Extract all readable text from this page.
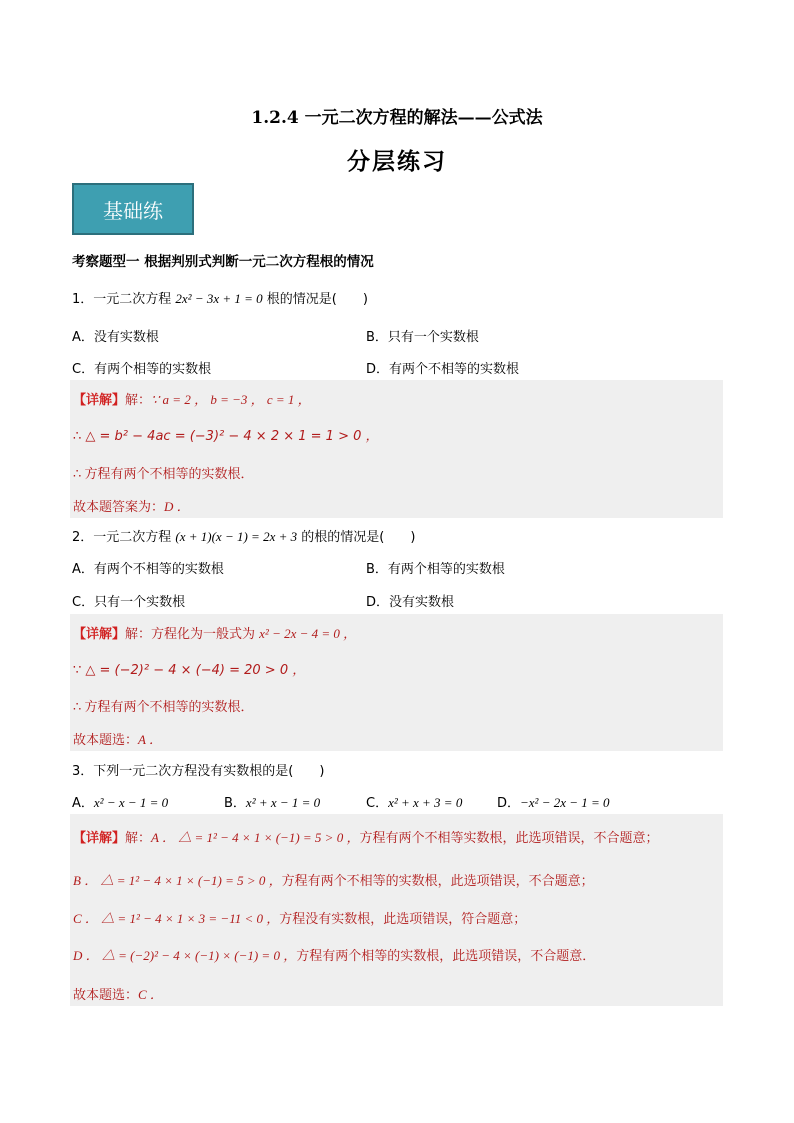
1.2.4 一元二次方程的解法——公式法
分层练习
基础练
考察题型一 根据判别式判断一元二次方程根的情况
1．一元二次方程 2x² − 3x + 1 = 0 根的情况是(　　)
A．没有实数根	B．只有一个实数根
C．有两个相等的实数根	D．有两个不相等的实数根
【详解】解：∵ a = 2 ， b = −3 ， c = 1 ，
∴ △ = b² − 4ac = (−3)² − 4 × 2 × 1 = 1 > 0 ，
∴ 方程有两个不相等的实数根．
故本题答案为：D ．
2．一元二次方程 (x + 1)(x − 1) = 2x + 3 的根的情况是(　　)
A．有两个不相等的实数根	B．有两个相等的实数根
C．只有一个实数根	D．没有实数根
【详解】解：方程化为一般式为 x² − 2x − 4 = 0 ，
∵ △ = (−2)² − 4 × (−4) = 20 > 0 ，
∴ 方程有两个不相等的实数根．
故本题选：A ．
3．下列一元二次方程没有实数根的是(　　)
A．x² − x − 1 = 0	B．x² + x − 1 = 0	C．x² + x + 3 = 0	D．−x² − 2x − 1 = 0
【详解】解：A ． △ = 1² − 4 × 1 × (−1) = 5 > 0 ，方程有两个不相等实数根，此选项错误，不合题意；
B ． △ = 1² − 4 × 1 × (−1) = 5 > 0 ，方程有两个不相等的实数根，此选项错误，不合题意；
C ． △ = 1² − 4 × 1 × 3 = −11 < 0 ，方程没有实数根，此选项错误，符合题意；
D ． △ = (−2)² − 4 × (−1) × (−1) = 0 ，方程有两个相等的实数根，此选项错误，不合题意．
故本题选：C ．
